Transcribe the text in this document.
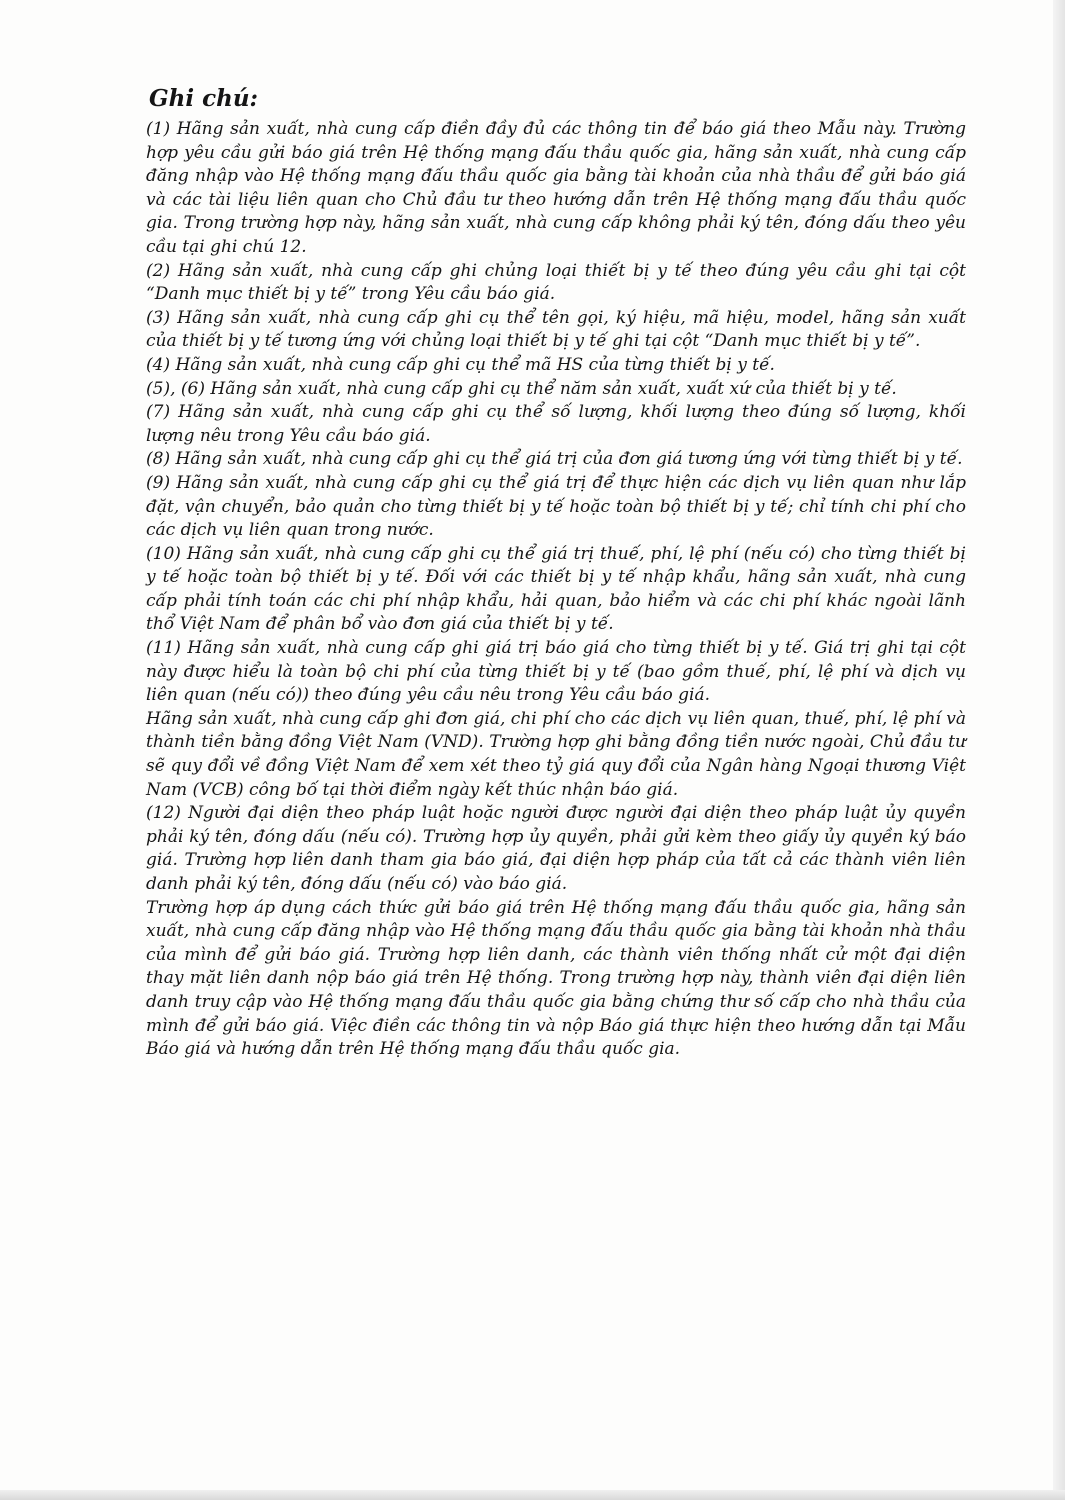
Ghi chú:

(1) Hãng sản xuất, nhà cung cấp điền đầy đủ các thông tin để báo giá theo Mẫu này. Trường hợp yêu cầu gửi báo giá trên Hệ thống mạng đấu thầu quốc gia, hãng sản xuất, nhà cung cấp đăng nhập vào Hệ thống mạng đấu thầu quốc gia bằng tài khoản của nhà thầu để gửi báo giá và các tài liệu liên quan cho Chủ đầu tư theo hướng dẫn trên Hệ thống mạng đấu thầu quốc gia. Trong trường hợp này, hãng sản xuất, nhà cung cấp không phải ký tên, đóng dấu theo yêu cầu tại ghi chú 12.

(2) Hãng sản xuất, nhà cung cấp ghi chủng loại thiết bị y tế theo đúng yêu cầu ghi tại cột “Danh mục thiết bị y tế” trong Yêu cầu báo giá.

(3) Hãng sản xuất, nhà cung cấp ghi cụ thể tên gọi, ký hiệu, mã hiệu, model, hãng sản xuất của thiết bị y tế tương ứng với chủng loại thiết bị y tế ghi tại cột “Danh mục thiết bị y tế”.

(4) Hãng sản xuất, nhà cung cấp ghi cụ thể mã HS của từng thiết bị y tế.

(5), (6) Hãng sản xuất, nhà cung cấp ghi cụ thể năm sản xuất, xuất xứ của thiết bị y tế.

(7) Hãng sản xuất, nhà cung cấp ghi cụ thể số lượng, khối lượng theo đúng số lượng, khối lượng nêu trong Yêu cầu báo giá.

(8) Hãng sản xuất, nhà cung cấp ghi cụ thể giá trị của đơn giá tương ứng với từng thiết bị y tế.

(9) Hãng sản xuất, nhà cung cấp ghi cụ thể giá trị để thực hiện các dịch vụ liên quan như lắp đặt, vận chuyển, bảo quản cho từng thiết bị y tế hoặc toàn bộ thiết bị y tế; chỉ tính chi phí cho các dịch vụ liên quan trong nước.

(10) Hãng sản xuất, nhà cung cấp ghi cụ thể giá trị thuế, phí, lệ phí (nếu có) cho từng thiết bị y tế hoặc toàn bộ thiết bị y tế. Đối với các thiết bị y tế nhập khẩu, hãng sản xuất, nhà cung cấp phải tính toán các chi phí nhập khẩu, hải quan, bảo hiểm và các chi phí khác ngoài lãnh thổ Việt Nam để phân bổ vào đơn giá của thiết bị y tế.

(11) Hãng sản xuất, nhà cung cấp ghi giá trị báo giá cho từng thiết bị y tế. Giá trị ghi tại cột này được hiểu là toàn bộ chi phí của từng thiết bị y tế (bao gồm thuế, phí, lệ phí và dịch vụ liên quan (nếu có)) theo đúng yêu cầu nêu trong Yêu cầu báo giá.

Hãng sản xuất, nhà cung cấp ghi đơn giá, chi phí cho các dịch vụ liên quan, thuế, phí, lệ phí và thành tiền bằng đồng Việt Nam (VND). Trường hợp ghi bằng đồng tiền nước ngoài, Chủ đầu tư sẽ quy đổi về đồng Việt Nam để xem xét theo tỷ giá quy đổi của Ngân hàng Ngoại thương Việt Nam (VCB) công bố tại thời điểm ngày kết thúc nhận báo giá.

(12) Người đại diện theo pháp luật hoặc người được người đại diện theo pháp luật ủy quyền phải ký tên, đóng dấu (nếu có). Trường hợp ủy quyền, phải gửi kèm theo giấy ủy quyền ký báo giá. Trường hợp liên danh tham gia báo giá, đại diện hợp pháp của tất cả các thành viên liên danh phải ký tên, đóng dấu (nếu có) vào báo giá.

Trường hợp áp dụng cách thức gửi báo giá trên Hệ thống mạng đấu thầu quốc gia, hãng sản xuất, nhà cung cấp đăng nhập vào Hệ thống mạng đấu thầu quốc gia bằng tài khoản nhà thầu của mình để gửi báo giá. Trường hợp liên danh, các thành viên thống nhất cử một đại diện thay mặt liên danh nộp báo giá trên Hệ thống. Trong trường hợp này, thành viên đại diện liên danh truy cập vào Hệ thống mạng đấu thầu quốc gia bằng chứng thư số cấp cho nhà thầu của mình để gửi báo giá. Việc điền các thông tin và nộp Báo giá thực hiện theo hướng dẫn tại Mẫu Báo giá và hướng dẫn trên Hệ thống mạng đấu thầu quốc gia.
